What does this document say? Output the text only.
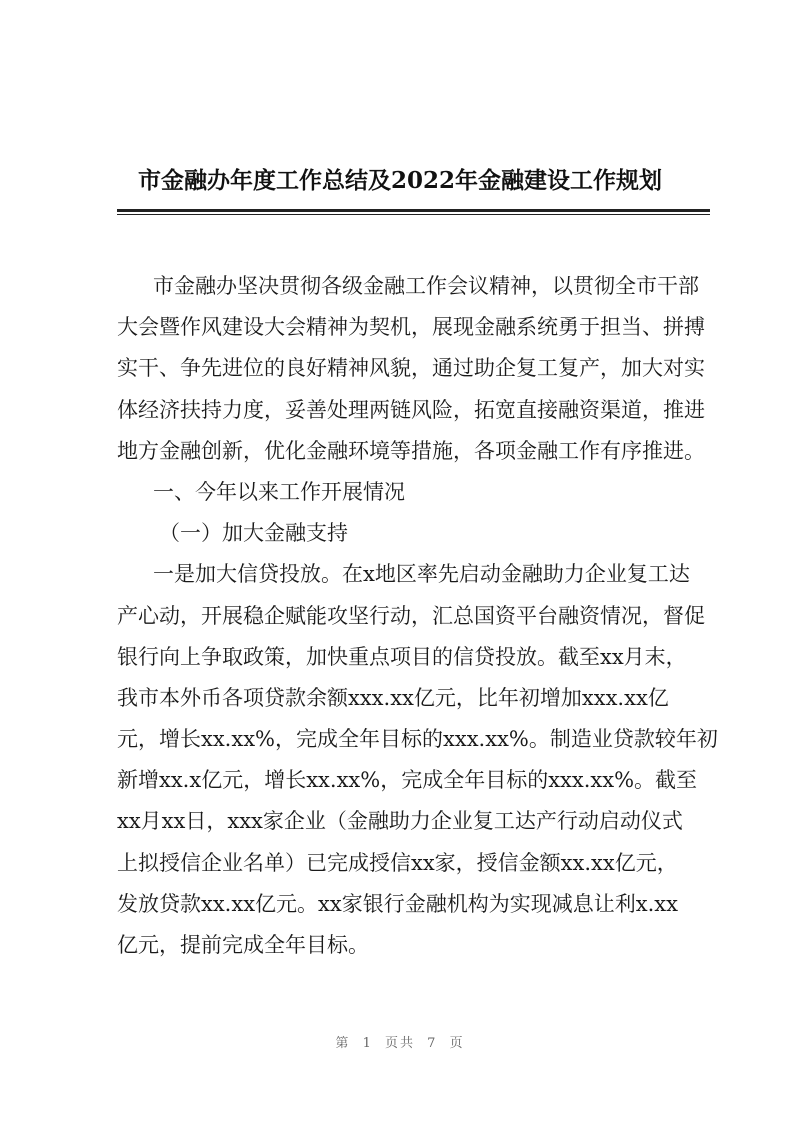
市金融办年度工作总结及2022年金融建设工作规划
市金融办坚决贯彻各级金融工作会议精神，以贯彻全市干部
大会暨作风建设大会精神为契机，展现金融系统勇于担当、拼搏
实干、争先进位的良好精神风貌，通过助企复工复产，加大对实
体经济扶持力度，妥善处理两链风险，拓宽直接融资渠道，推进
地方金融创新，优化金融环境等措施，各项金融工作有序推进。
一、今年以来工作开展情况
（一）加大金融支持
一是加大信贷投放。在x地区率先启动金融助力企业复工达
产心动，开展稳企赋能攻坚行动，汇总国资平台融资情况，督促
银行向上争取政策，加快重点项目的信贷投放。截至xx月末，
我市本外币各项贷款余额xxx.xx亿元，比年初增加xxx.xx亿
元，增长xx.xx%，完成全年目标的xxx.xx%。制造业贷款较年初
新增xx.x亿元，增长xx.xx%，完成全年目标的xxx.xx%。截至
xx月xx日，xxx家企业（金融助力企业复工达产行动启动仪式
上拟授信企业名单）已完成授信xx家，授信金额xx.xx亿元，
发放贷款xx.xx亿元。xx家银行金融机构为实现减息让利x.xx
亿元，提前完成全年目标。
第 1 页共 7 页
